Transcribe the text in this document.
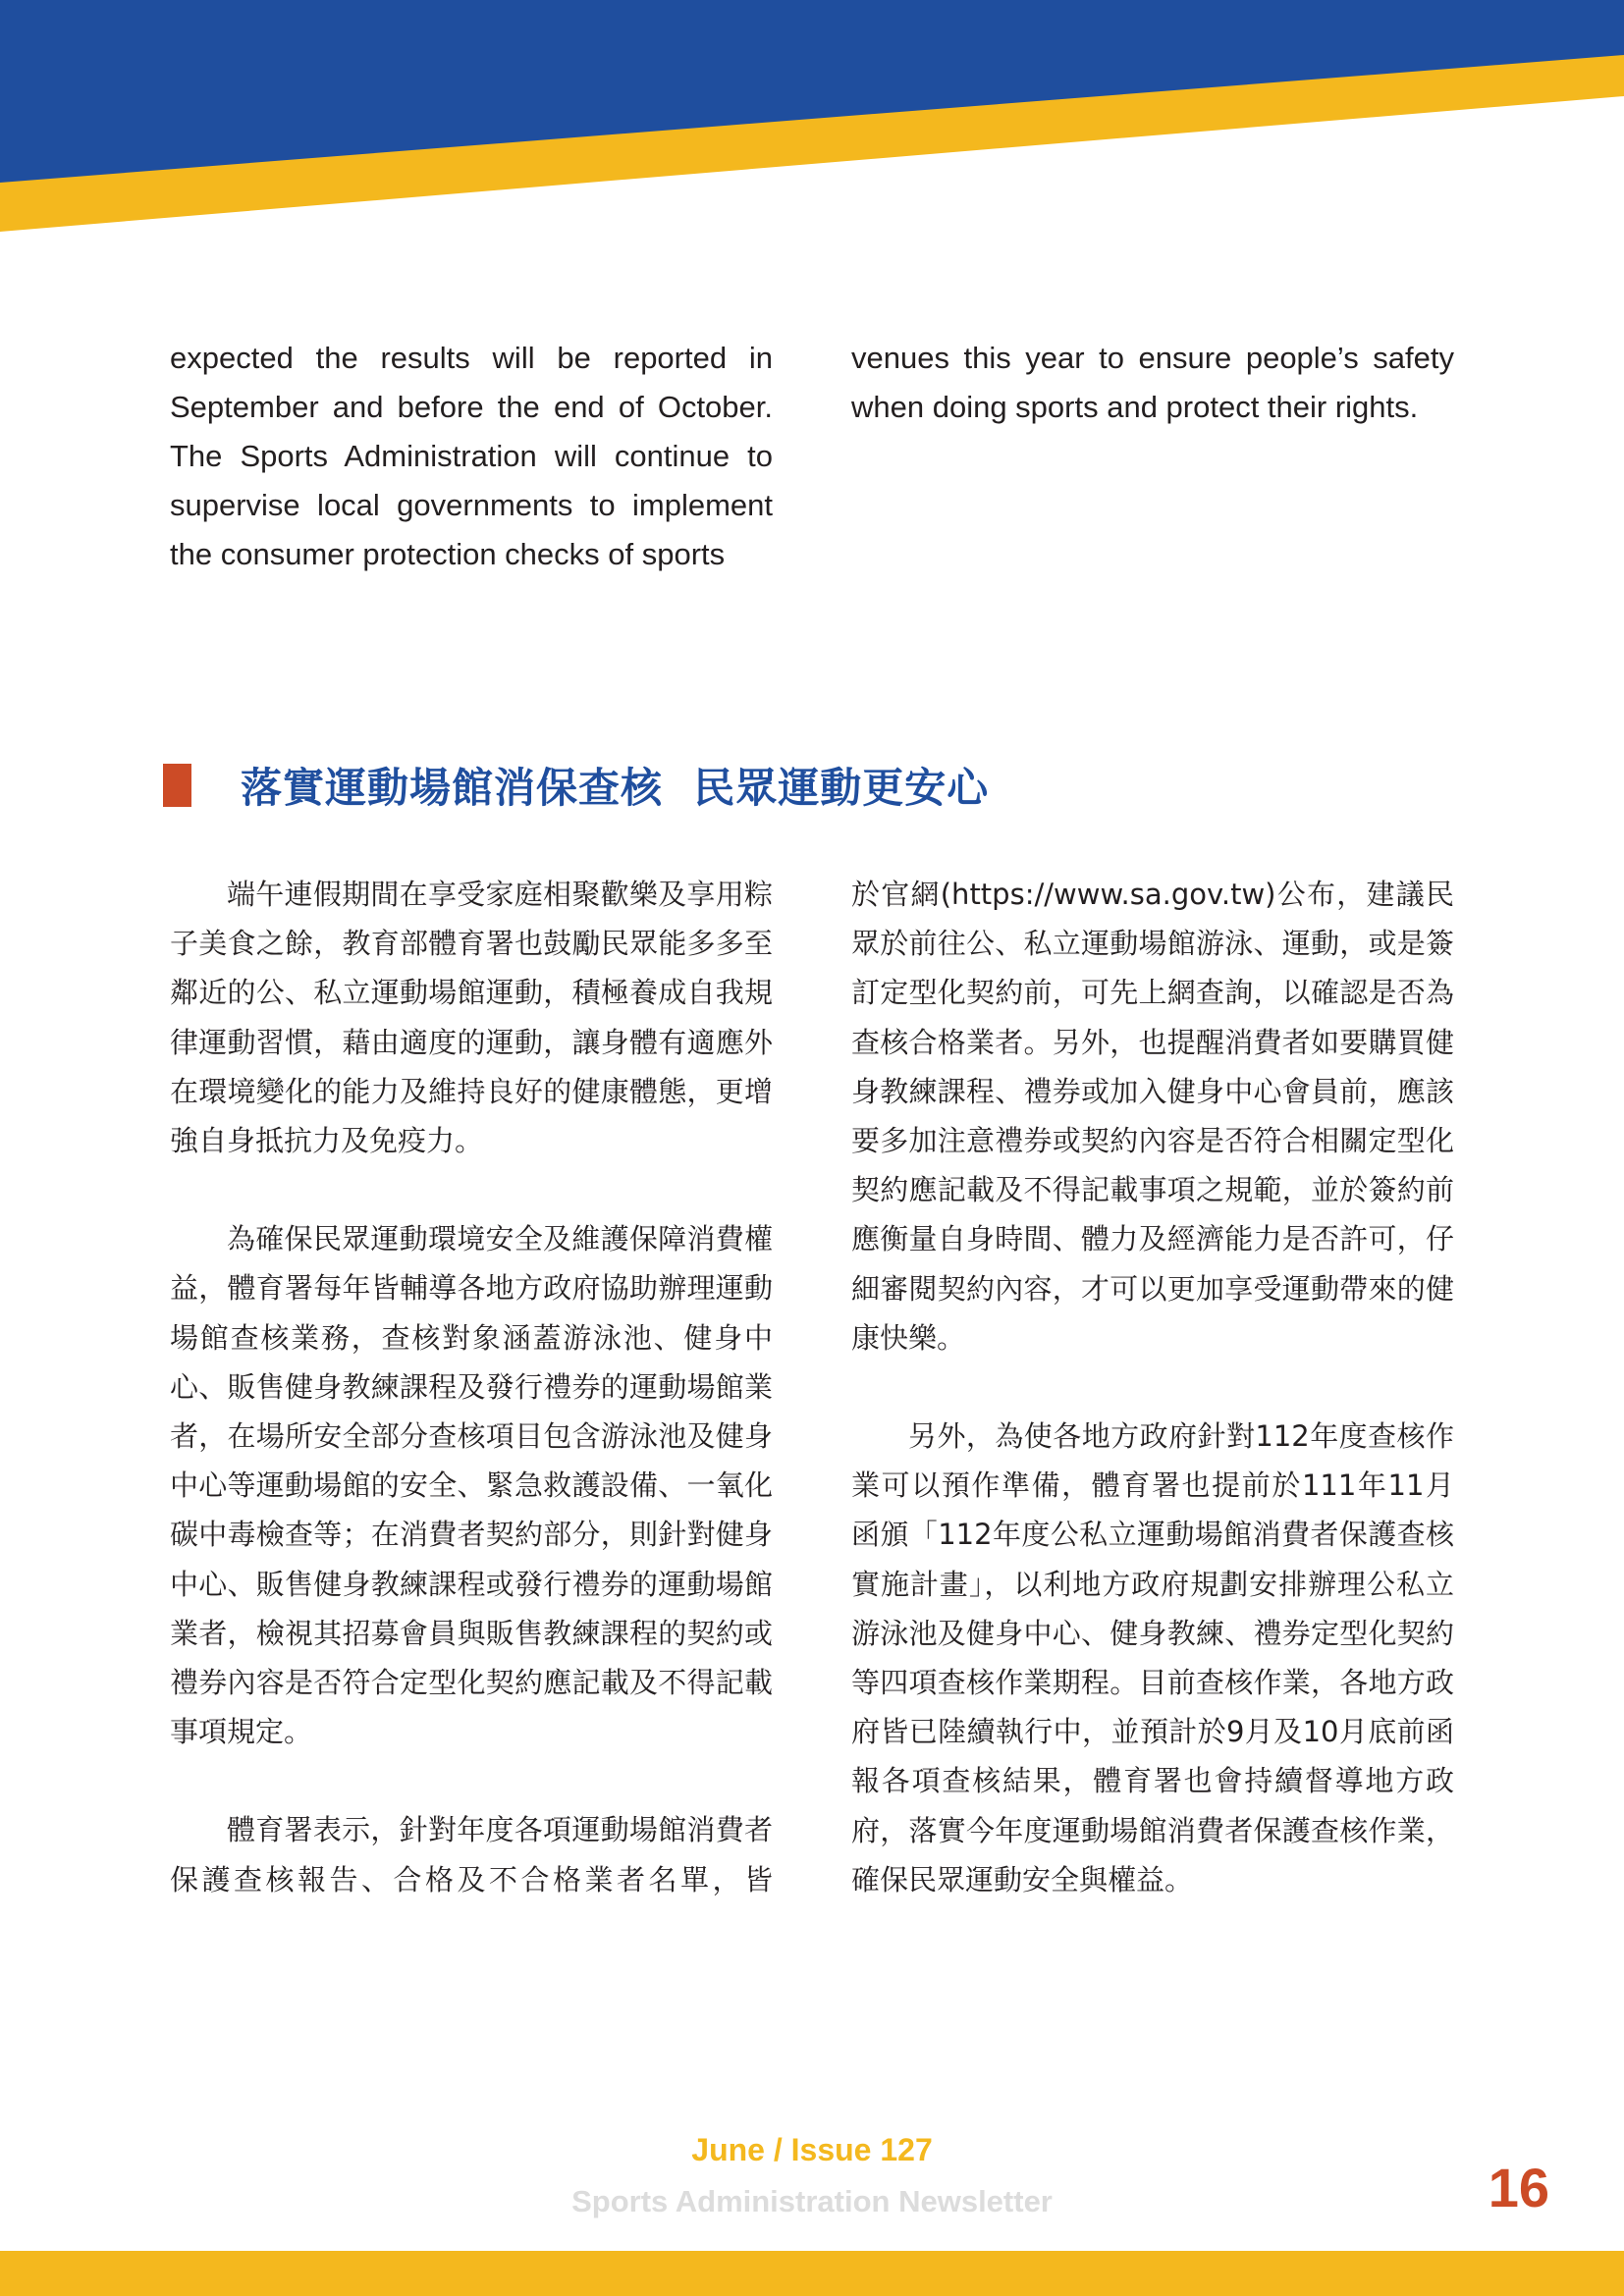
expected the results will be reported in September and before the end of October. The Sports Administration will continue to supervise local governments to implement the consumer protection checks of sports

venues this year to ensure people’s safety when doing sports and protect their rights.

落實運動場館消保查核  民眾運動更安心

端午連假期間在享受家庭相聚歡樂及享用粽子美食之餘，教育部體育署也鼓勵民眾能多多至鄰近的公、私立運動場館運動，積極養成自我規律運動習慣，藉由適度的運動，讓身體有適應外在環境變化的能力及維持良好的健康體態，更增強自身抵抗力及免疫力。

為確保民眾運動環境安全及維護保障消費權益，體育署每年皆輔導各地方政府協助辦理運動場館查核業務，查核對象涵蓋游泳池、健身中心、販售健身教練課程及發行禮券的運動場館業者，在場所安全部分查核項目包含游泳池及健身中心等運動場館的安全、緊急救護設備、一氧化碳中毒檢查等；在消費者契約部分，則針對健身中心、販售健身教練課程或發行禮券的運動場館業者，檢視其招募會員與販售教練課程的契約或禮券內容是否符合定型化契約應記載及不得記載事項規定。

體育署表示，針對年度各項運動場館消費者保護查核報告、合格及不合格業者名單，皆

於官網(https://www.sa.gov.tw)公布，建議民眾於前往公、私立運動場館游泳、運動，或是簽訂定型化契約前，可先上網查詢，以確認是否為查核合格業者。另外，也提醒消費者如要購買健身教練課程、禮券或加入健身中心會員前，應該要多加注意禮券或契約內容是否符合相關定型化契約應記載及不得記載事項之規範，並於簽約前應衡量自身時間、體力及經濟能力是否許可，仔細審閱契約內容，才可以更加享受運動帶來的健康快樂。

另外，為使各地方政府針對112年度查核作業可以預作準備，體育署也提前於111年11月函頒「112年度公私立運動場館消費者保護查核實施計畫」，以利地方政府規劃安排辦理公私立游泳池及健身中心、健身教練、禮券定型化契約等四項查核作業期程。目前查核作業，各地方政府皆已陸續執行中，並預計於9月及10月底前函報各項查核結果，體育署也會持續督導地方政府，落實今年度運動場館消費者保護查核作業，確保民眾運動安全與權益。

June / Issue 127
Sports Administration Newsletter	16
